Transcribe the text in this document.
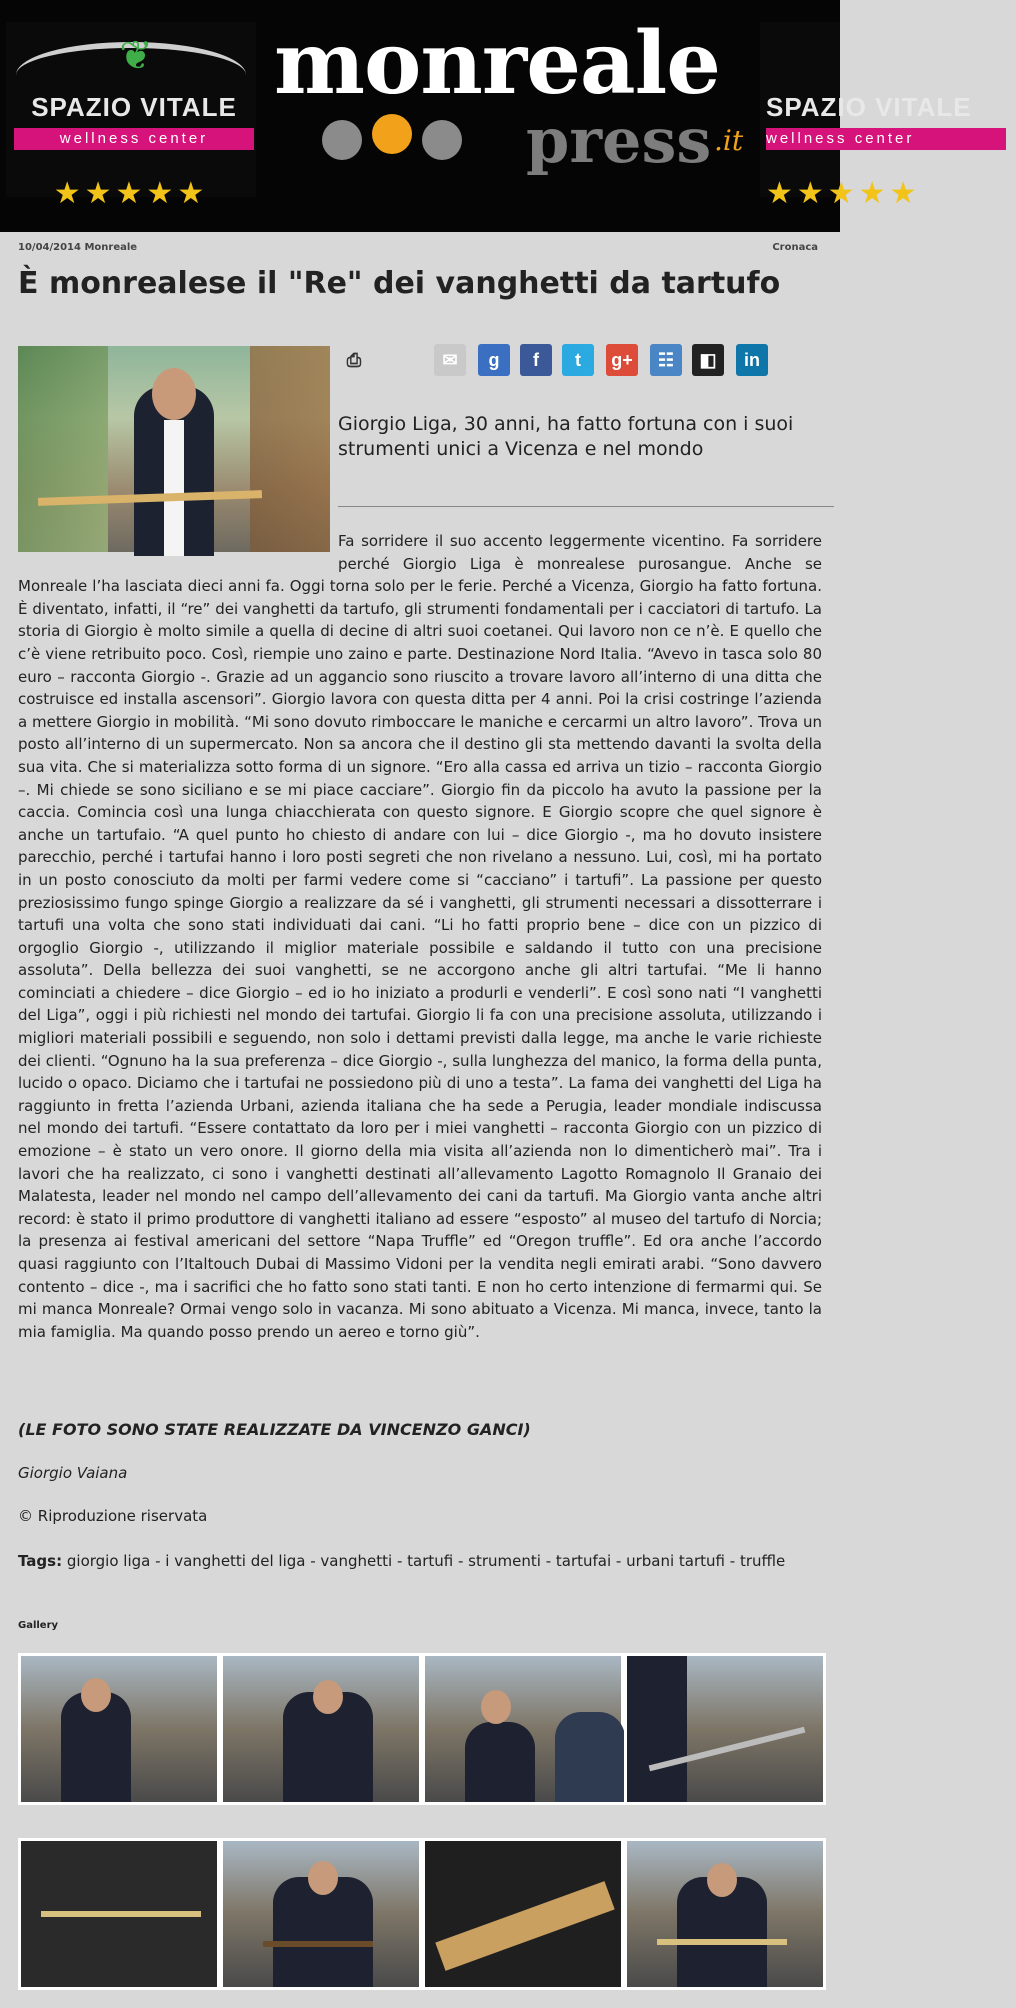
❦
SPAZIO VITALE
wellness center
★★★★★
monreale
press .it
SPAZIO VITALE
wellness center
★★★★★
10/04/2014 Monreale	Cronaca
È monrealese il "Re" dei vanghetti da tartufo
⎙	✉	g	f	t	g+	☷	◧	in

Giorgio Liga, 30 anni, ha fatto fortuna con i suoi strumenti unici a Vicenza e nel mondo

Fa sorridere il suo accento leggermente vicentino. Fa sorridere perché Giorgio Liga è monrealese purosangue. Anche se Monreale l’ha lasciata dieci anni fa. Oggi torna solo per le ferie. Perché a Vicenza, Giorgio ha fatto fortuna. È diventato, infatti, il “re” dei vanghetti da tartufo, gli strumenti fondamentali per i cacciatori di tartufo. La storia di Giorgio è molto simile a quella di decine di altri suoi coetanei. Qui lavoro non ce n’è. E quello che c’è viene retribuito poco. Così, riempie uno zaino e parte. Destinazione Nord Italia. “Avevo in tasca solo 80 euro – racconta Giorgio -. Grazie ad un aggancio sono riuscito a trovare lavoro all’interno di una ditta che costruisce ed installa ascensori”. Giorgio lavora con questa ditta per 4 anni. Poi la crisi costringe l’azienda a mettere Giorgio in mobilità. “Mi sono dovuto rimboccare le maniche e cercarmi un altro lavoro”. Trova un posto all’interno di un supermercato. Non sa ancora che il destino gli sta mettendo davanti la svolta della sua vita. Che si materializza sotto forma di un signore. “Ero alla cassa ed arriva un tizio – racconta Giorgio –. Mi chiede se sono siciliano e se mi piace cacciare”. Giorgio fin da piccolo ha avuto la passione per la caccia. Comincia così una lunga chiacchierata con questo signore. E Giorgio scopre che quel signore è anche un tartufaio. “A quel punto ho chiesto di andare con lui – dice Giorgio -, ma ho dovuto insistere parecchio, perché i tartufai hanno i loro posti segreti che non rivelano a nessuno. Lui, così, mi ha portato in un posto conosciuto da molti per farmi vedere come si “cacciano” i tartufi”. La passione per questo preziosissimo fungo spinge Giorgio a realizzare da sé i vanghetti, gli strumenti necessari a dissotterrare i tartufi una volta che sono stati individuati dai cani. “Li ho fatti proprio bene – dice con un pizzico di orgoglio Giorgio -, utilizzando il miglior materiale possibile e saldando il tutto con una precisione assoluta”. Della bellezza dei suoi vanghetti, se ne accorgono anche gli altri tartufai. “Me li hanno cominciati a chiedere – dice Giorgio – ed io ho iniziato a produrli e venderli”. E così sono nati “I vanghetti del Liga”, oggi i più richiesti nel mondo dei tartufai. Giorgio li fa con una precisione assoluta, utilizzando i migliori materiali possibili e seguendo, non solo i dettami previsti dalla legge, ma anche le varie richieste dei clienti. “Ognuno ha la sua preferenza – dice Giorgio -, sulla lunghezza del manico, la forma della punta, lucido o opaco. Diciamo che i tartufai ne possiedono più di uno a testa”. La fama dei vanghetti del Liga ha raggiunto in fretta l’azienda Urbani, azienda italiana che ha sede a Perugia, leader mondiale indiscussa nel mondo dei tartufi. “Essere contattato da loro per i miei vanghetti – racconta Giorgio con un pizzico di emozione – è stato un vero onore. Il giorno della mia visita all’azienda non lo dimenticherò mai”. Tra i lavori che ha realizzato, ci sono i vanghetti destinati all’allevamento Lagotto Romagnolo Il Granaio dei Malatesta, leader nel mondo nel campo dell’allevamento dei cani da tartufi. Ma Giorgio vanta anche altri record: è stato il primo produttore di vanghetti italiano ad essere “esposto” al museo del tartufo di Norcia; la presenza ai festival americani del settore “Napa Truffle” ed “Oregon truffle”. Ed ora anche l’accordo quasi raggiunto con l’Italtouch Dubai di Massimo Vidoni per la vendita negli emirati arabi. “Sono davvero contento – dice -, ma i sacrifici che ho fatto sono stati tanti. E non ho certo intenzione di fermarmi qui. Se mi manca Monreale? Ormai vengo solo in vacanza. Mi sono abituato a Vicenza. Mi manca, invece, tanto la mia famiglia. Ma quando posso prendo un aereo e torno giù”.

(LE FOTO SONO STATE REALIZZATE DA VINCENZO GANCI)
Giorgio Vaiana
© Riproduzione riservata
Tags: giorgio liga - i vanghetti del liga - vanghetti - tartufi - strumenti - tartufai - urbani tartufi - truffle
Gallery
